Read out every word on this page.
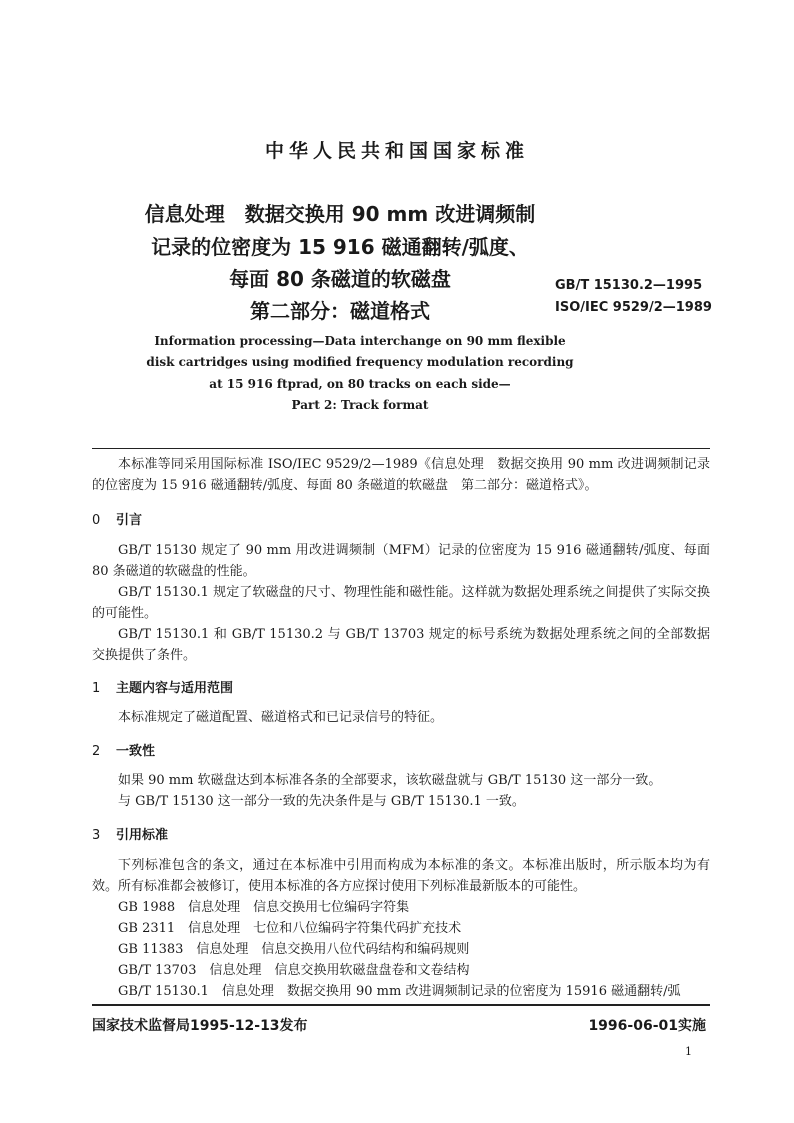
中华人民共和国国家标准
信息处理　数据交换用 90 mm 改进调频制
记录的位密度为 15 916 磁通翻转/弧度、
每面 80 条磁道的软磁盘
第二部分：磁道格式
GB/T 15130.2—1995
ISO/IEC 9529/2—1989
Information processing—Data interchange on 90 mm flexible
disk cartridges using modified frequency modulation recording
at 15 916 ftprad, on 80 tracks on each side—
Part 2: Track format
本标准等同采用国际标准 ISO/IEC 9529/2—1989《信息处理　数据交换用 90 mm 改进调频制记录的位密度为 15 916 磁通翻转/弧度、每面 80 条磁道的软磁盘　第二部分：磁道格式》。
0 引言
GB/T 15130 规定了 90 mm 用改进调频制（MFM）记录的位密度为 15 916 磁通翻转/弧度、每面 80 条磁道的软磁盘的性能。
GB/T 15130.1 规定了软磁盘的尺寸、物理性能和磁性能。这样就为数据处理系统之间提供了实际交换的可能性。
GB/T 15130.1 和 GB/T 15130.2 与 GB/T 13703 规定的标号系统为数据处理系统之间的全部数据交换提供了条件。
1 主题内容与适用范围
本标准规定了磁道配置、磁道格式和已记录信号的特征。
2 一致性
如果 90 mm 软磁盘达到本标准各条的全部要求，该软磁盘就与 GB/T 15130 这一部分一致。
与 GB/T 15130 这一部分一致的先决条件是与 GB/T 15130.1 一致。
3 引用标准
下列标准包含的条文，通过在本标准中引用而构成为本标准的条文。本标准出版时，所示版本均为有效。所有标准都会被修订，使用本标准的各方应探讨使用下列标准最新版本的可能性。
GB 1988　信息处理　信息交换用七位编码字符集
GB 2311　信息处理　七位和八位编码字符集代码扩充技术
GB 11383　信息处理　信息交换用八位代码结构和编码规则
GB/T 13703　信息处理　信息交换用软磁盘盘卷和文卷结构
GB/T 15130.1　信息处理　数据交换用 90 mm 改进调频制记录的位密度为 15916 磁通翻转/弧
国家技术监督局1995-12-13发布	1996-06-01实施
1
